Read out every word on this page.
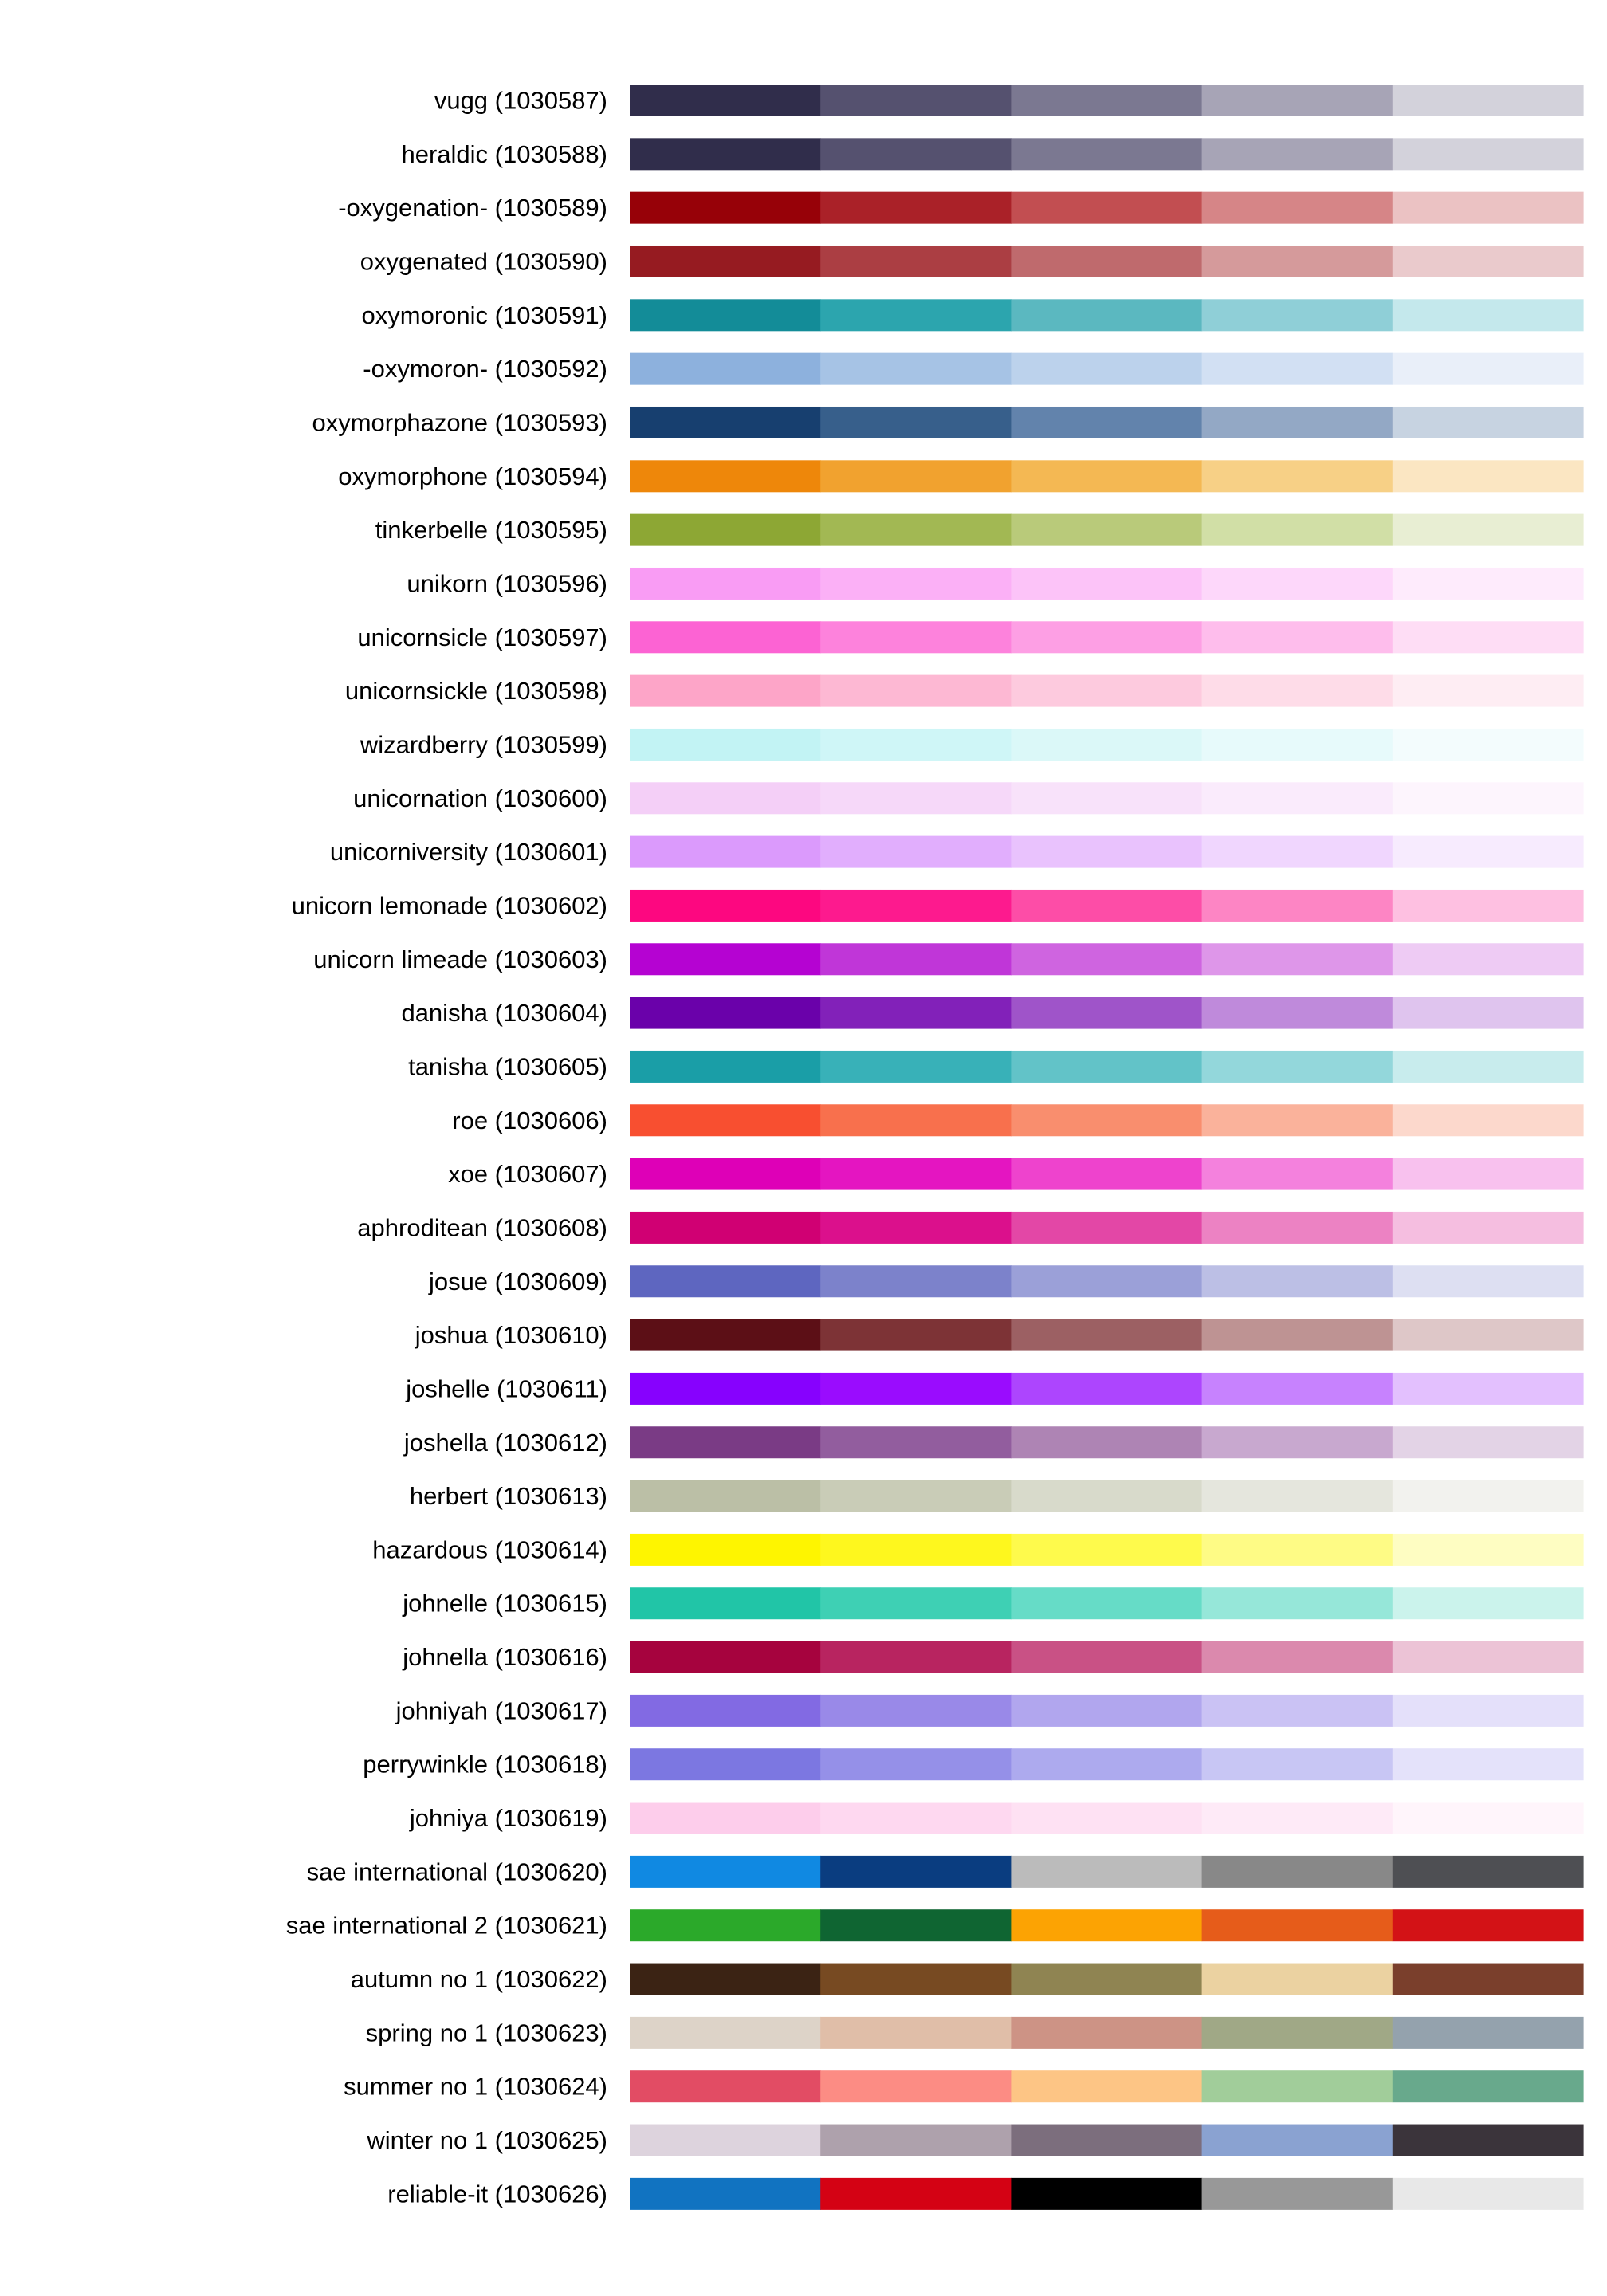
vugg (1030587)
heraldic (1030588)
-oxygenation- (1030589)
oxygenated (1030590)
oxymoronic (1030591)
-oxymoron- (1030592)
oxymorphazone (1030593)
oxymorphone (1030594)
tinkerbelle (1030595)
unikorn (1030596)
unicornsicle (1030597)
unicornsickle (1030598)
wizardberry (1030599)
unicornation (1030600)
unicorniversity (1030601)
unicorn lemonade (1030602)
unicorn limeade (1030603)
danisha (1030604)
tanisha (1030605)
roe (1030606)
xoe (1030607)
aphroditean (1030608)
josue (1030609)
joshua (1030610)
joshelle (1030611)
joshella (1030612)
herbert (1030613)
hazardous (1030614)
johnelle (1030615)
johnella (1030616)
johniyah (1030617)
perrywinkle (1030618)
johniya (1030619)
sae international (1030620)
sae international 2 (1030621)
autumn no 1 (1030622)
spring no 1 (1030623)
summer no 1 (1030624)
winter no 1 (1030625)
reliable-it (1030626)
